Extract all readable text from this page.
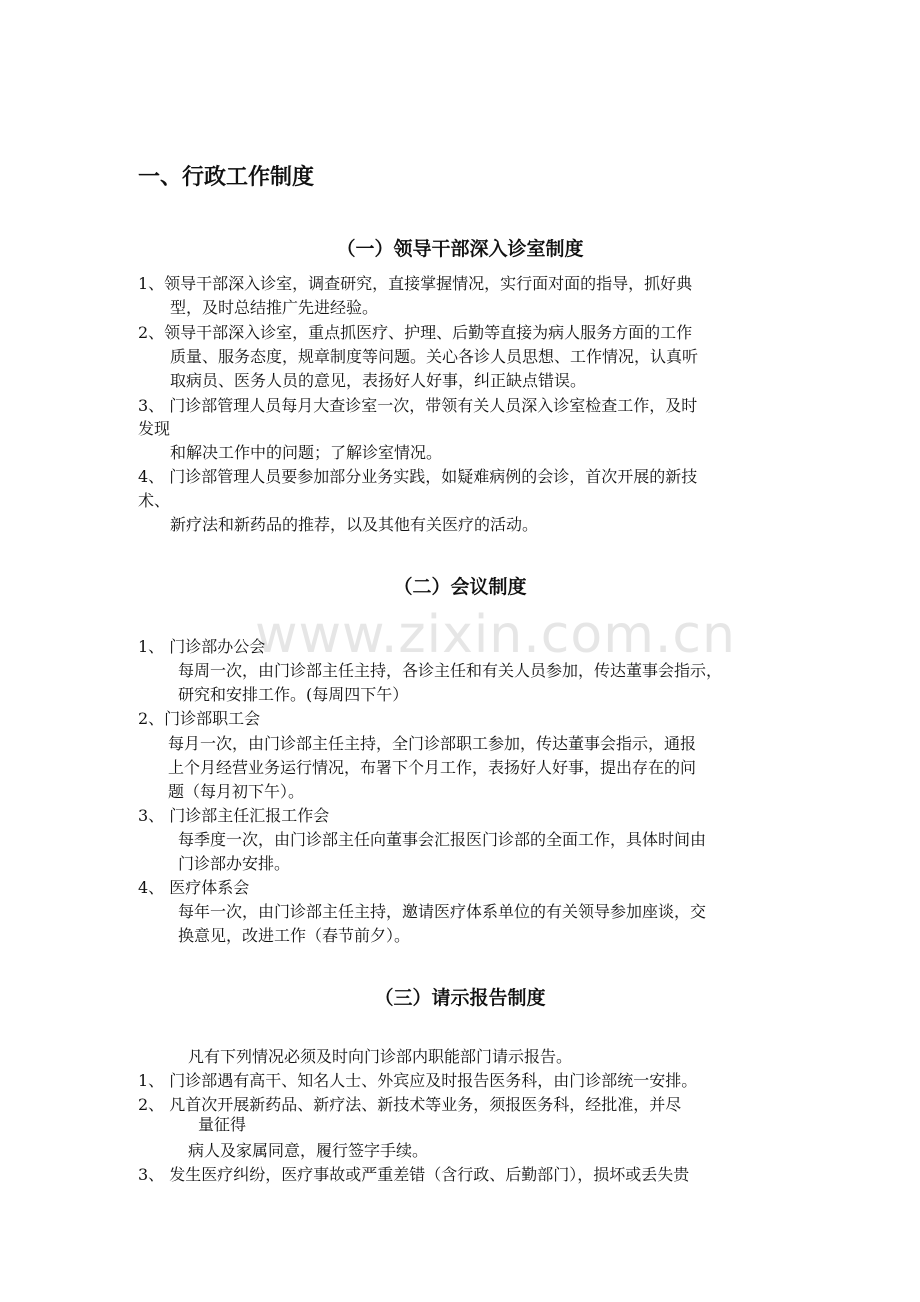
www.zixin.com.cn
一、行政工作制度
（一）领导干部深入诊室制度
1、领导干部深入诊室，调查研究，直接掌握情况，实行面对面的指导，抓好典
型，及时总结推广先进经验。
2、领导干部深入诊室，重点抓医疗、护理、后勤等直接为病人服务方面的工作
质量、服务态度，规章制度等问题。关心各诊人员思想、工作情况，认真听
取病员、医务人员的意见，表扬好人好事，纠正缺点错误。
3、 门诊部管理人员每月大查诊室一次，带领有关人员深入诊室检查工作，及时
发现
和解决工作中的问题；了解诊室情况。
4、 门诊部管理人员要参加部分业务实践，如疑难病例的会诊，首次开展的新技
术、
新疗法和新药品的推荐，以及其他有关医疗的活动。
（二）会议制度
1、 门诊部办公会
每周一次，由门诊部主任主持，各诊主任和有关人员参加，传达董事会指示，
研究和安排工作。(每周四下午）
2、门诊部职工会
每月一次，由门诊部主任主持，全门诊部职工参加，传达董事会指示，通报
上个月经营业务运行情况，布署下个月工作，表扬好人好事，提出存在的问
题（每月初下午）。
3、 门诊部主任汇报工作会
每季度一次，由门诊部主任向董事会汇报医门诊部的全面工作，具体时间由
门诊部办安排。
4、 医疗体系会
每年一次，由门诊部主任主持，邀请医疗体系单位的有关领导参加座谈，交
换意见，改进工作（春节前夕）。
（三）请示报告制度
凡有下列情况必须及时向门诊部内职能部门请示报告。
1、 门诊部遇有高干、知名人士、外宾应及时报告医务科，由门诊部统一安排。
2、 凡首次开展新药品、新疗法、新技术等业务，须报医务科，经批准，并尽
量征得
病人及家属同意，履行签字手续。
3、 发生医疗纠纷，医疗事故或严重差错（含行政、后勤部门），损坏或丢失贵
